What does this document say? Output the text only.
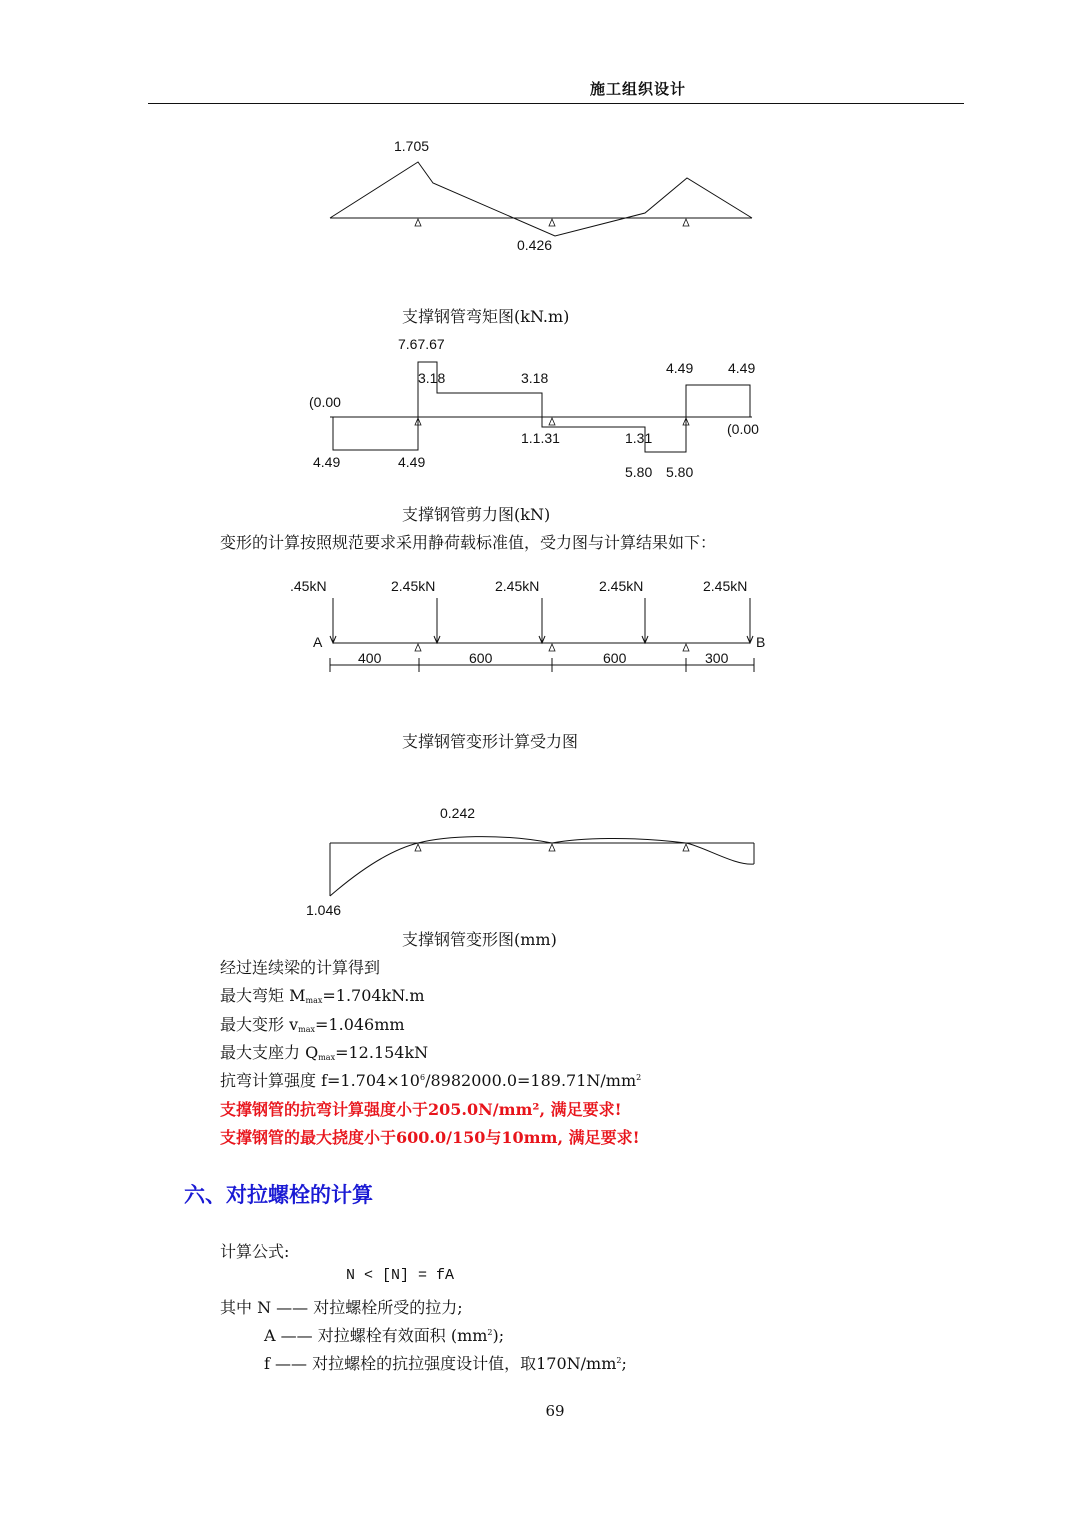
施工组织设计
1.705
0.426
支撑钢管弯矩图(kN.m)
7.67.67
3.18	3.18
4.49 4.49
(0.00
1.1.31	1.31
(0.00
4.49	4.49
5.80 5.80
支撑钢管剪力图(kN)
变形的计算按照规范要求采用静荷载标准值，受力图与计算结果如下：
.45kN	2.45kN	2.45kN	2.45kN	2.45kN
A	B
400	600	600	300
支撑钢管变形计算受力图
0.242
1.046
支撑钢管变形图(mm)
经过连续梁的计算得到
最大弯矩 $M_{max}=1.704kN.m$
最大变形 $v_{max}=1.046mm$
最大支座力 $Q_{max}=12.154kN$
抗弯计算强度 $f=1.704\times 10^6/8982000.0=189.71N/mm^2$
支撑钢管的抗弯计算强度小于205.0N/mm², 满足要求!
支撑钢管的最大挠度小于600.0/150与10mm, 满足要求!
六、对拉螺栓的计算
计算公式:
N < [N] = fA
其中 N —— 对拉螺栓所受的拉力;
A —— 对拉螺栓有效面积 $(mm^2)$;
f —— 对拉螺栓的抗拉强度设计值，取$170N/mm^2$;
69
